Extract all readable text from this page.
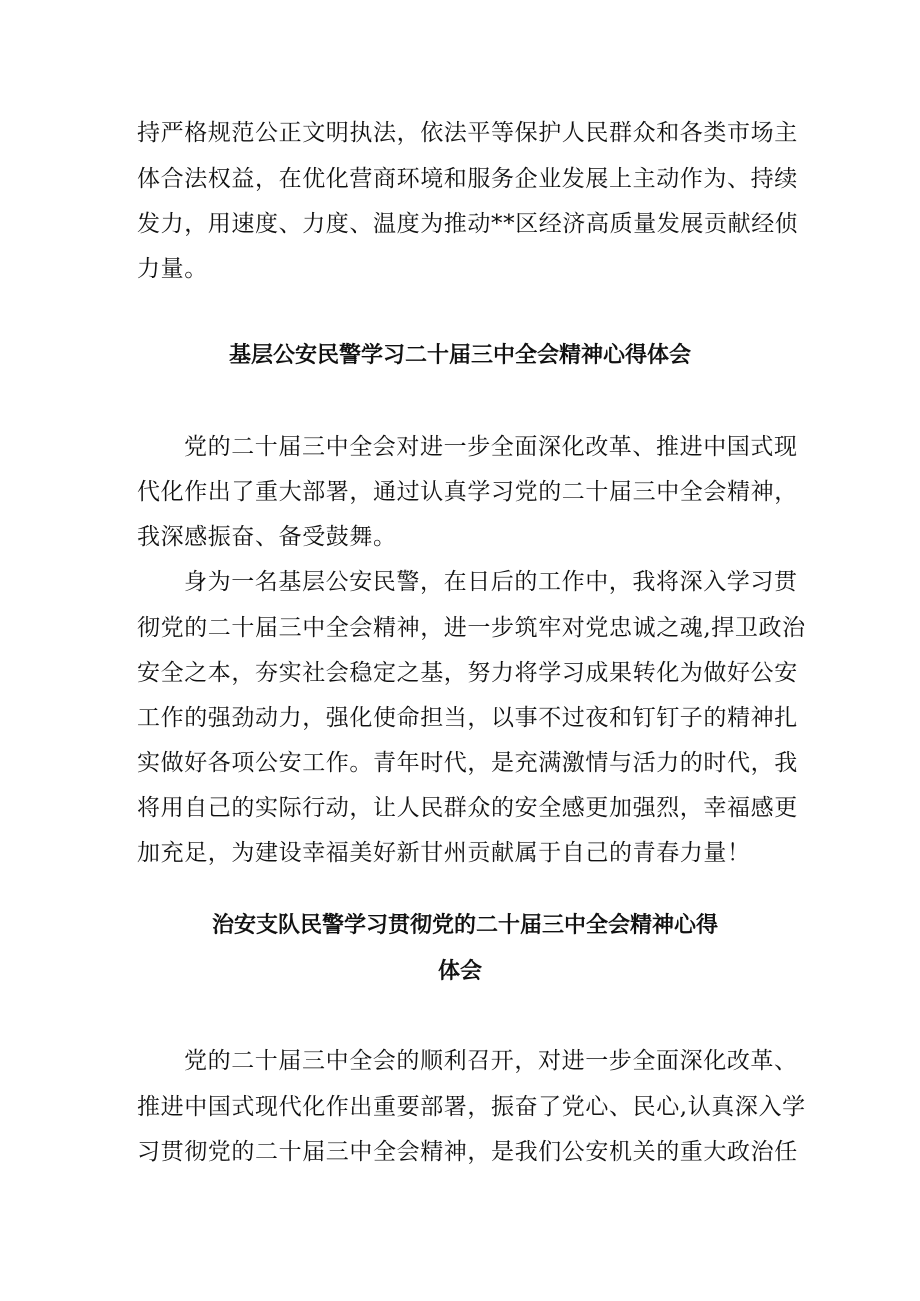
持严格规范公正文明执法，依法平等保护人民群众和各类市场主
体合法权益，在优化营商环境和服务企业发展上主动作为、持续
发力，用速度、力度、温度为推动**区经济高质量发展贡献经侦
力量。
基层公安民警学习二十届三中全会精神心得体会
党的二十届三中全会对进一步全面深化改革、推进中国式现
代化作出了重大部署，通过认真学习党的二十届三中全会精神，
我深感振奋、备受鼓舞。
身为一名基层公安民警，在日后的工作中，我将深入学习贯
彻党的二十届三中全会精神，进一步筑牢对党忠诚之魂,捍卫政治
安全之本，夯实社会稳定之基，努力将学习成果转化为做好公安
工作的强劲动力，强化使命担当，以事不过夜和钉钉子的精神扎
实做好各项公安工作。青年时代，是充满激情与活力的时代，我
将用自己的实际行动，让人民群众的安全感更加强烈，幸福感更
加充足，为建设幸福美好新甘州贡献属于自己的青春力量！
治安支队民警学习贯彻党的二十届三中全会精神心得
体会
党的二十届三中全会的顺利召开，对进一步全面深化改革、
推进中国式现代化作出重要部署，振奋了党心、民心,认真深入学
习贯彻党的二十届三中全会精神，是我们公安机关的重大政治任
